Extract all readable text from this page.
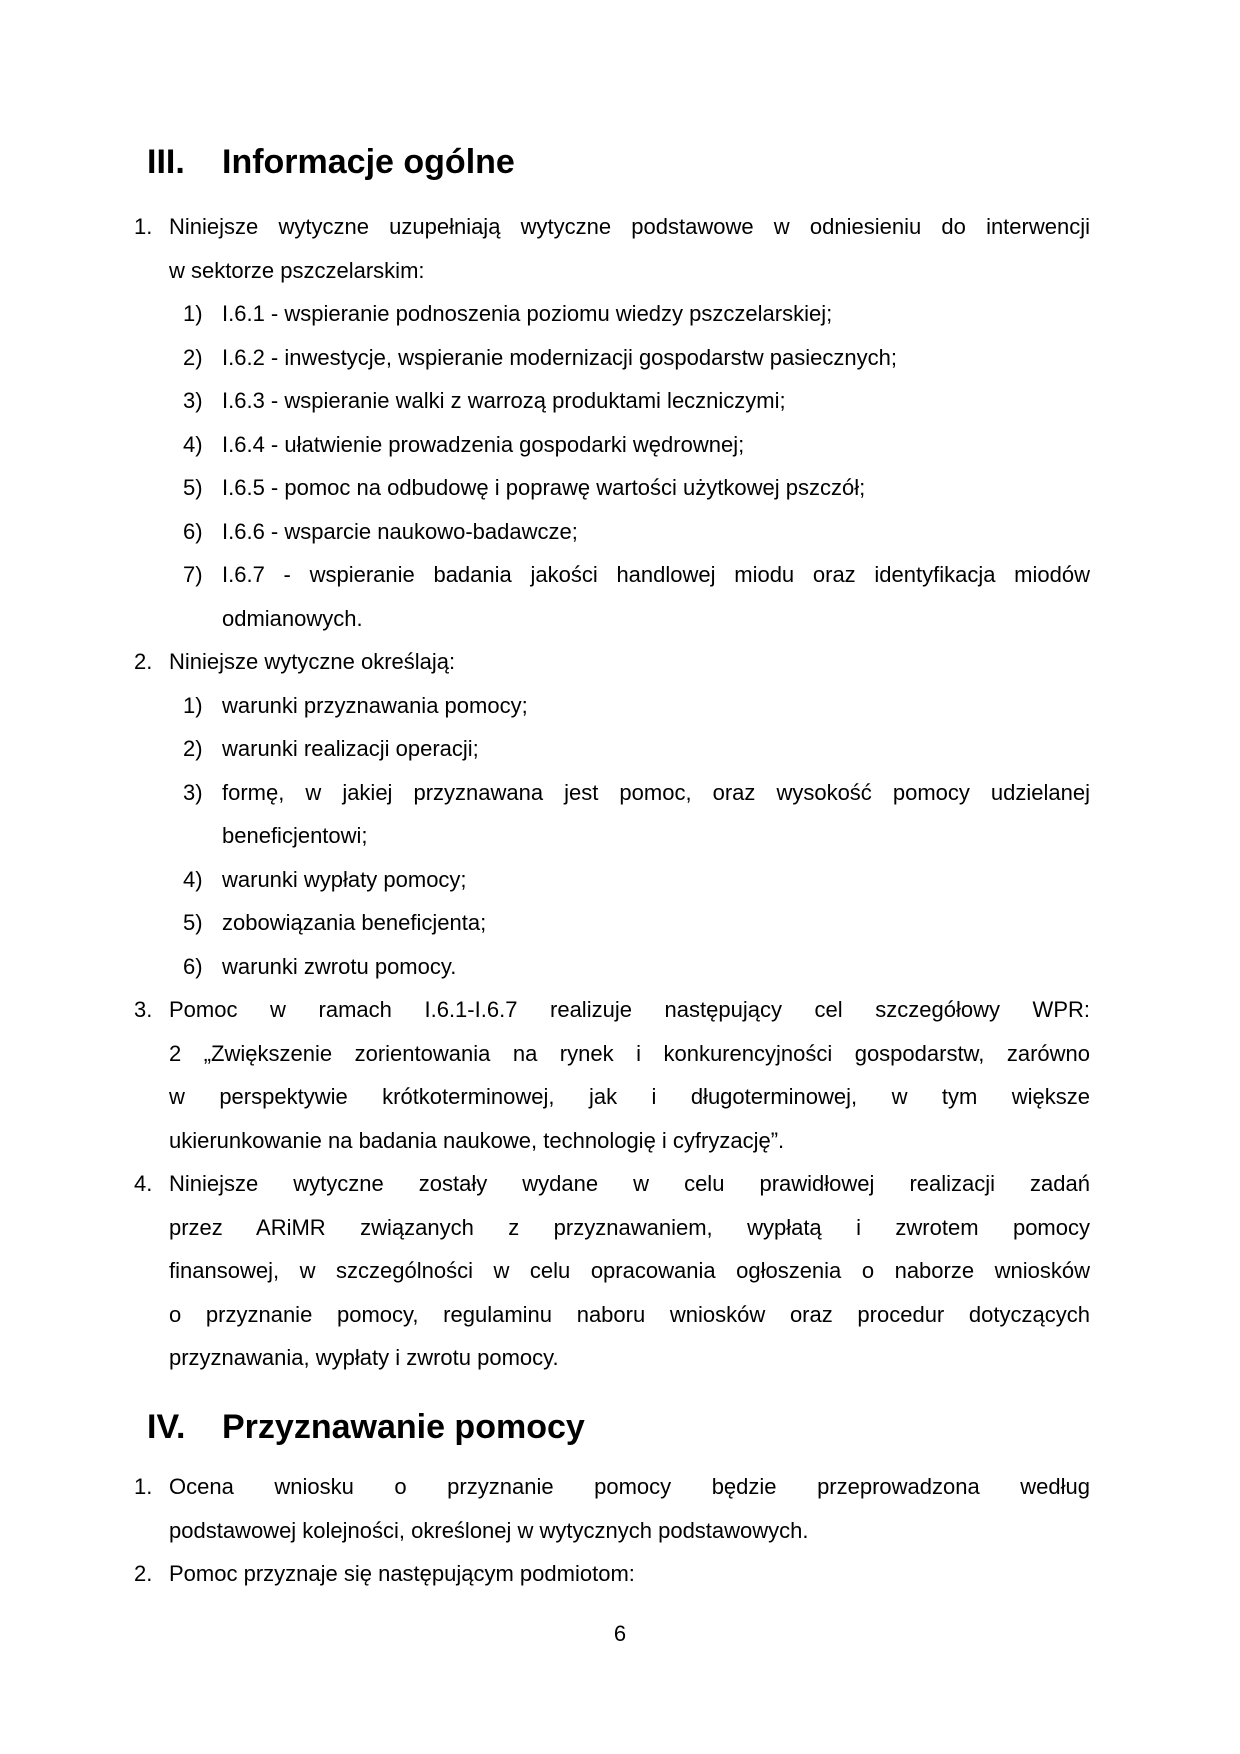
III. Informacje ogólne
1. Niniejsze wytyczne uzupełniają wytyczne podstawowe w odniesieniu do interwencji
w sektorze pszczelarskim:
1) I.6.1 - wspieranie podnoszenia poziomu wiedzy pszczelarskiej;
2) I.6.2 - inwestycje, wspieranie modernizacji gospodarstw pasiecznych;
3) I.6.3 - wspieranie walki z warrozą produktami leczniczymi;
4) I.6.4 - ułatwienie prowadzenia gospodarki wędrownej;
5) I.6.5 - pomoc na odbudowę i poprawę wartości użytkowej pszczół;
6) I.6.6 - wsparcie naukowo-badawcze;
7) I.6.7 - wspieranie badania jakości handlowej miodu oraz identyfikacja miodów
odmianowych.
2. Niniejsze wytyczne określają:
1) warunki przyznawania pomocy;
2) warunki realizacji operacji;
3) formę, w jakiej przyznawana jest pomoc, oraz wysokość pomocy udzielanej
beneficjentowi;
4) warunki wypłaty pomocy;
5) zobowiązania beneficjenta;
6) warunki zwrotu pomocy.
3. Pomoc w ramach I.6.1-I.6.7 realizuje następujący cel szczegółowy WPR:
2 „Zwiększenie zorientowania na rynek i konkurencyjności gospodarstw, zarówno
w perspektywie krótkoterminowej, jak i długoterminowej, w tym większe
ukierunkowanie na badania naukowe, technologię i cyfryzację”.
4. Niniejsze wytyczne zostały wydane w celu prawidłowej realizacji zadań
przez ARiMR związanych z przyznawaniem, wypłatą i zwrotem pomocy
finansowej, w szczególności w celu opracowania ogłoszenia o naborze wniosków
o przyznanie pomocy, regulaminu naboru wniosków oraz procedur dotyczących
przyznawania, wypłaty i zwrotu pomocy.
IV. Przyznawanie pomocy
1. Ocena wniosku o przyznanie pomocy będzie przeprowadzona według
podstawowej kolejności, określonej w wytycznych podstawowych.
2. Pomoc przyznaje się następującym podmiotom:
6
